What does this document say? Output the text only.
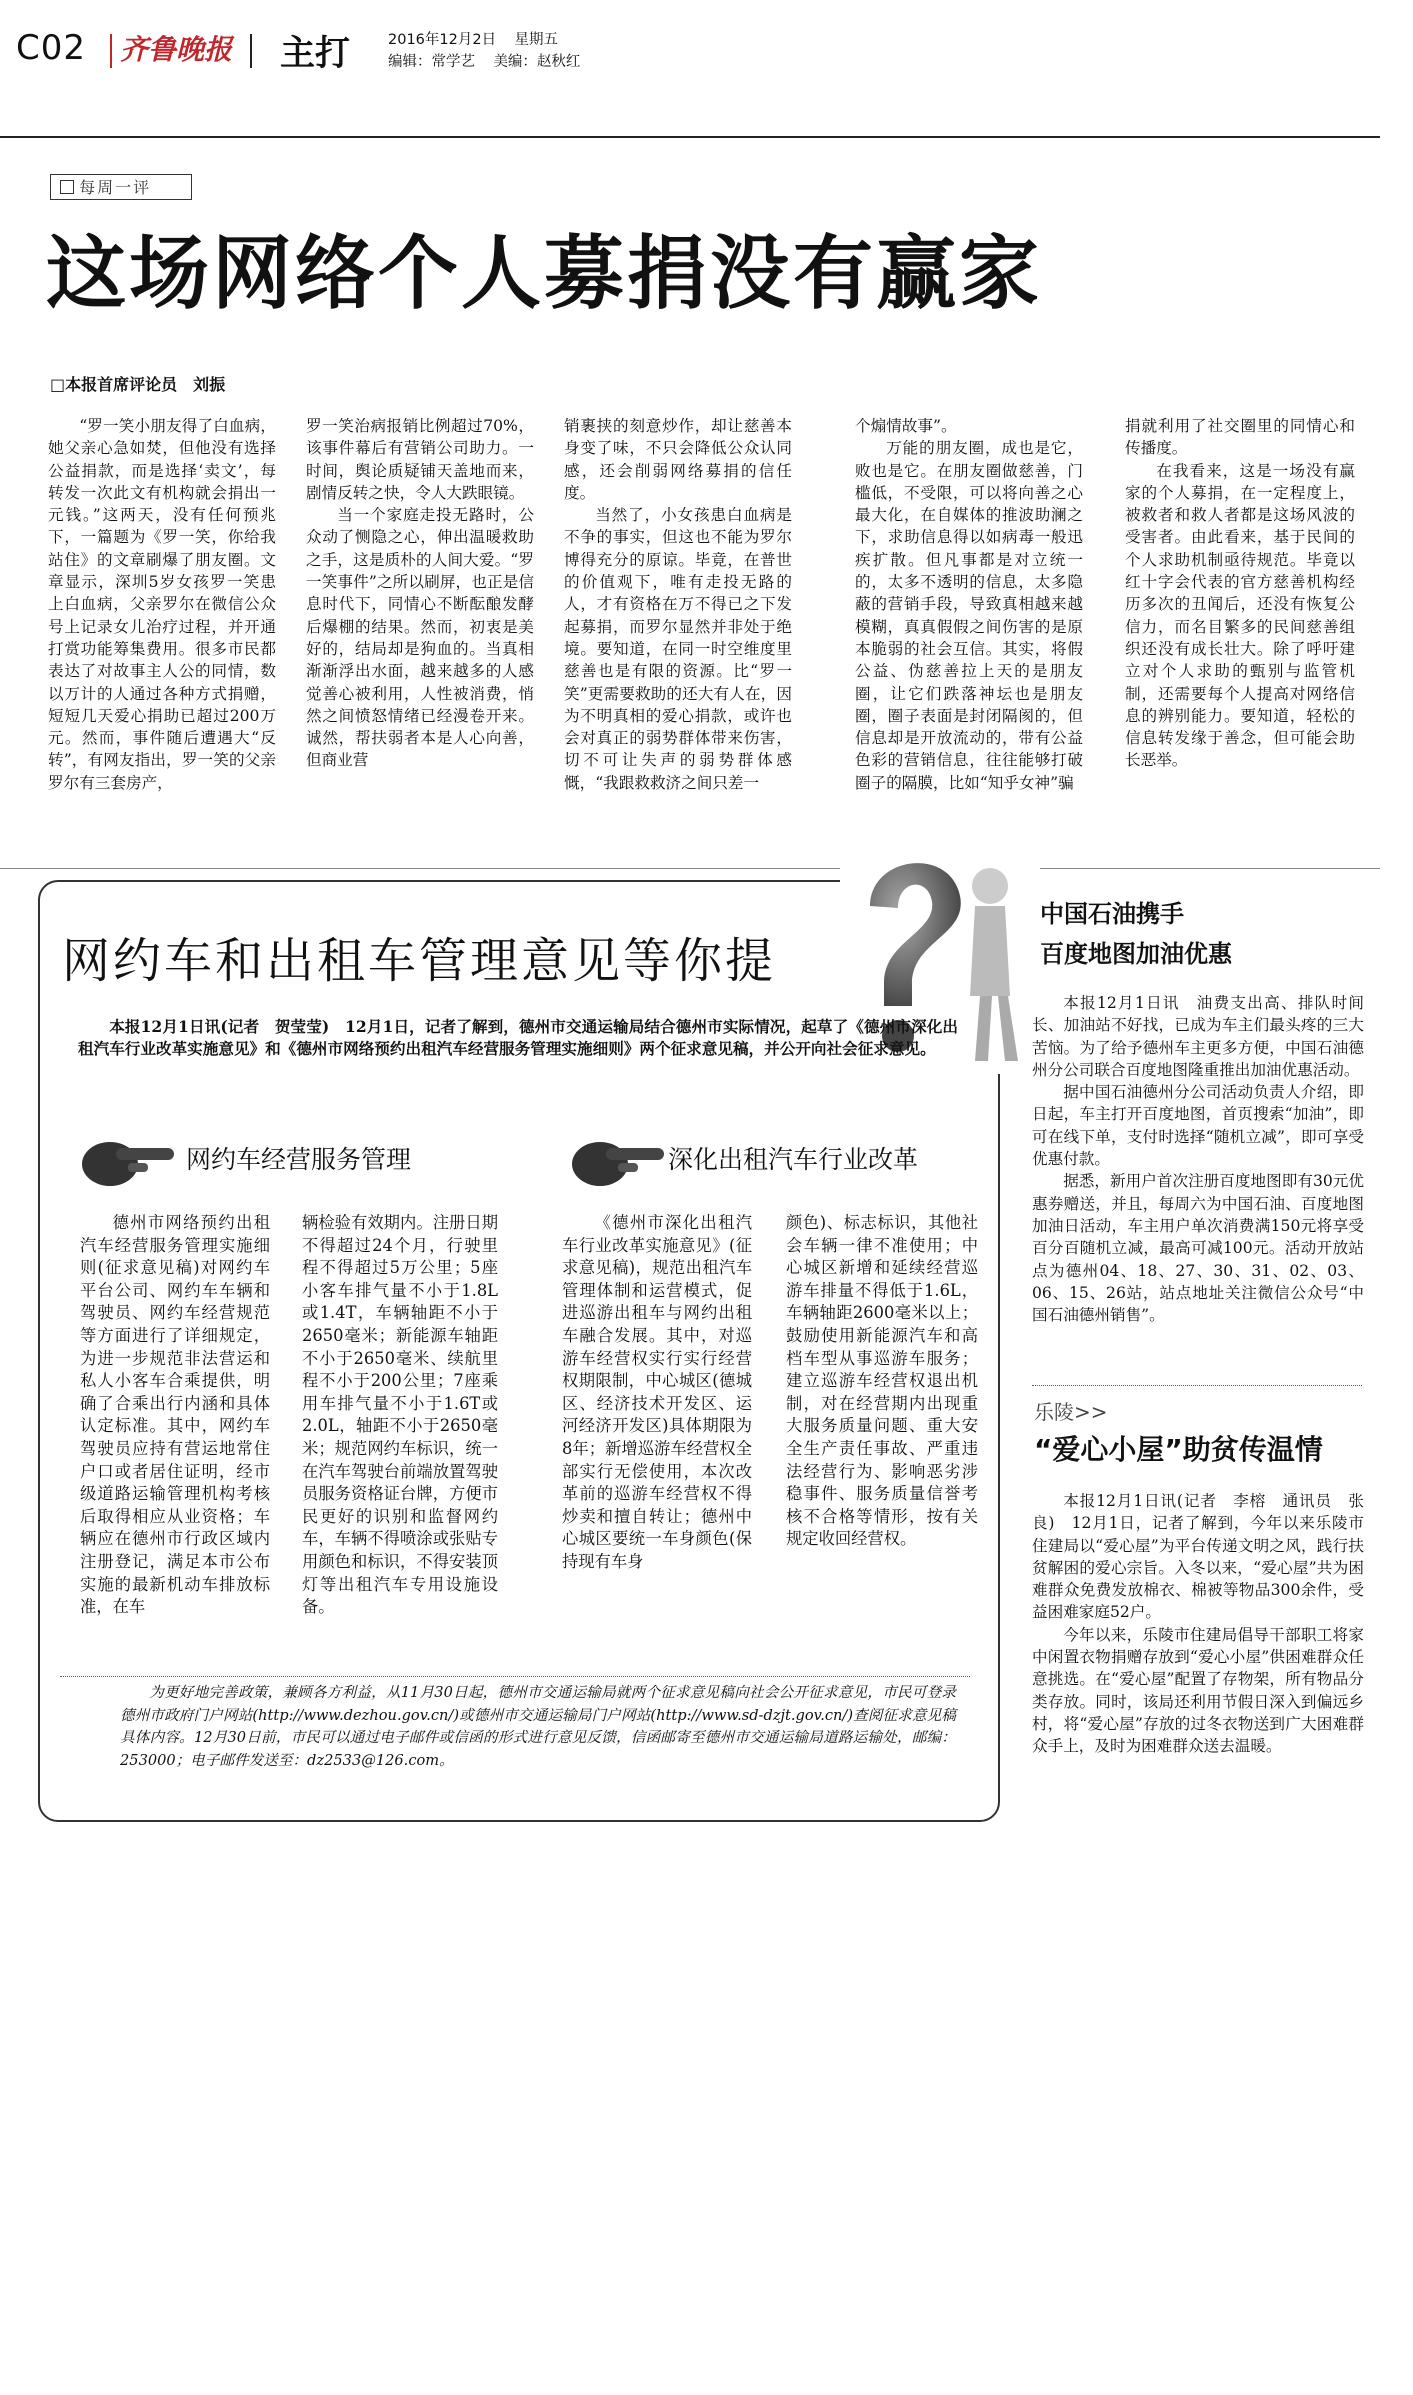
C02 齐鲁晚报 主打	2016年12月2日 星期五
编辑：常学艺 美编：赵秋红
每周一评
这场网络个人募捐没有赢家
□本报首席评论员　刘振

“罗一笑小朋友得了白血病，她父亲心急如焚，但他没有选择公益捐款，而是选择‘卖文’，每转发一次此文有机构就会捐出一元钱。”这两天，没有任何预兆下，一篇题为《罗一笑，你给我站住》的文章刷爆了朋友圈。文章显示，深圳5岁女孩罗一笑患上白血病，父亲罗尔在微信公众号上记录女儿治疗过程，并开通打赏功能筹集费用。很多市民都表达了对故事主人公的同情，数以万计的人通过各种方式捐赠，短短几天爱心捐助已超过200万元。然而，事件随后遭遇大“反转”，有网友指出，罗一笑的父亲罗尔有三套房产，

罗一笑治病报销比例超过70%，该事件幕后有营销公司助力。一时间，舆论质疑铺天盖地而来，剧情反转之快，令人大跌眼镜。

当一个家庭走投无路时，公众动了恻隐之心，伸出温暖救助之手，这是质朴的人间大爱。“罗一笑事件”之所以刷屏，也正是信息时代下，同情心不断酝酿发酵后爆棚的结果。然而，初衷是美好的，结局却是狗血的。当真相渐渐浮出水面，越来越多的人感觉善心被利用，人性被消费，悄然之间愤怒情绪已经漫卷开来。诚然，帮扶弱者本是人心向善，但商业营

销裹挟的刻意炒作，却让慈善本身变了味，不只会降低公众认同感，还会削弱网络募捐的信任度。

当然了，小女孩患白血病是不争的事实，但这也不能为罗尔博得充分的原谅。毕竟，在普世的价值观下，唯有走投无路的人，才有资格在万不得已之下发起募捐，而罗尔显然并非处于绝境。要知道，在同一时空维度里慈善也是有限的资源。比“罗一笑”更需要救助的还大有人在，因为不明真相的爱心捐款，或许也会对真正的弱势群体带来伤害，切不可让失声的弱势群体感慨，“我跟救救济之间只差一

个煽情故事”。

万能的朋友圈，成也是它，败也是它。在朋友圈做慈善，门槛低，不受限，可以将向善之心最大化，在自媒体的推波助澜之下，求助信息得以如病毒一般迅疾扩散。但凡事都是对立统一的，太多不透明的信息，太多隐蔽的营销手段，导致真相越来越模糊，真真假假之间伤害的是原本脆弱的社会互信。其实，将假公益、伪慈善拉上天的是朋友圈，让它们跌落神坛也是朋友圈，圈子表面是封闭隔阂的，但信息却是开放流动的，带有公益色彩的营销信息，往往能够打破圈子的隔膜，比如“知乎女神”骗

捐就利用了社交圈里的同情心和传播度。

在我看来，这是一场没有赢家的个人募捐，在一定程度上，被救者和救人者都是这场风波的受害者。由此看来，基于民间的个人求助机制亟待规范。毕竟以红十字会代表的官方慈善机构经历多次的丑闻后，还没有恢复公信力，而名目繁多的民间慈善组织还没有成长壮大。除了呼吁建立对个人求助的甄别与监管机制，还需要每个人提高对网络信息的辨别能力。要知道，轻松的信息转发缘于善念，但可能会助长恶举。

网约车和出租车管理意见等你提
本报12月1日讯(记者　贺莹莹)　12月1日，记者了解到，德州市交通运输局结合德州市实际情况，起草了《德州市深化出租汽车行业改革实施意见》和《德州市网络预约出租汽车经营服务管理实施细则》两个征求意见稿，并公开向社会征求意见。
网约车经营服务管理	深化出租汽车行业改革

德州市网络预约出租汽车经营服务管理实施细则(征求意见稿)对网约车平台公司、网约车车辆和驾驶员、网约车经营规范等方面进行了详细规定，为进一步规范非法营运和私人小客车合乘提供，明确了合乘出行内涵和具体认定标准。其中，网约车驾驶员应持有营运地常住户口或者居住证明，经市级道路运输管理机构考核后取得相应从业资格；车辆应在德州市行政区域内注册登记，满足本市公布实施的最新机动车排放标准，在车

辆检验有效期内。注册日期不得超过24个月，行驶里程不得超过5万公里；5座小客车排气量不小于1.8L或1.4T，车辆轴距不小于2650毫米；新能源车轴距不小于2650毫米、续航里程不小于200公里；7座乘用车排气量不小于1.6T或2.0L，轴距不小于2650毫米；规范网约车标识，统一在汽车驾驶台前端放置驾驶员服务资格证台牌，方便市民更好的识别和监督网约车，车辆不得喷涂或张贴专用颜色和标识，不得安装顶灯等出租汽车专用设施设备。

《德州市深化出租汽车行业改革实施意见》(征求意见稿)，规范出租汽车管理体制和运营模式，促进巡游出租车与网约出租车融合发展。其中，对巡游车经营权实行实行经营权期限制，中心城区(德城区、经济技术开发区、运河经济开发区)具体期限为8年；新增巡游车经营权全部实行无偿使用，本次改革前的巡游车经营权不得炒卖和擅自转让；德州中心城区要统一车身颜色(保持现有车身

颜色)、标志标识，其他社会车辆一律不准使用；中心城区新增和延续经营巡游车排量不得低于1.6L，车辆轴距2600毫米以上；鼓励使用新能源汽车和高档车型从事巡游车服务；建立巡游车经营权退出机制，对在经营期内出现重大服务质量问题、重大安全生产责任事故、严重违法经营行为、影响恶劣涉稳事件、服务质量信誉考核不合格等情形，按有关规定收回经营权。

为更好地完善政策，兼顾各方利益，从11月30日起，德州市交通运输局就两个征求意见稿向社会公开征求意见，市民可登录德州市政府门户网站(http://www.dezhou.gov.cn/)或德州市交通运输局门户网站(http://www.sd-dzjt.gov.cn/)查阅征求意见稿具体内容。12月30日前，市民可以通过电子邮件或信函的形式进行意见反馈，信函邮寄至德州市交通运输局道路运输处，邮编：253000；电子邮件发送至：dz2533@126.com。
中国石油携手
百度地图加油优惠

本报12月1日讯　油费支出高、排队时间长、加油站不好找，已成为车主们最头疼的三大苦恼。为了给予德州车主更多方便，中国石油德州分公司联合百度地图隆重推出加油优惠活动。

据中国石油德州分公司活动负责人介绍，即日起，车主打开百度地图，首页搜索“加油”，即可在线下单，支付时选择“随机立减”，即可享受优惠付款。

据悉，新用户首次注册百度地图即有30元优惠券赠送，并且，每周六为中国石油、百度地图加油日活动，车主用户单次消费满150元将享受百分百随机立减，最高可减100元。活动开放站点为德州04、18、27、30、31、02、03、06、15、26站，站点地址关注微信公众号“中国石油德州销售”。

乐陵>>
“爱心小屋”助贫传温情

本报12月1日讯(记者　李榕　通讯员　张良)　12月1日，记者了解到，今年以来乐陵市住建局以“爱心屋”为平台传递文明之风，践行扶贫解困的爱心宗旨。入冬以来，“爱心屋”共为困难群众免费发放棉衣、棉被等物品300余件，受益困难家庭52户。

今年以来，乐陵市住建局倡导干部职工将家中闲置衣物捐赠存放到“爱心小屋”供困难群众任意挑选。在“爱心屋”配置了存物架，所有物品分类存放。同时，该局还利用节假日深入到偏远乡村，将“爱心屋”存放的过冬衣物送到广大困难群众手上，及时为困难群众送去温暖。
